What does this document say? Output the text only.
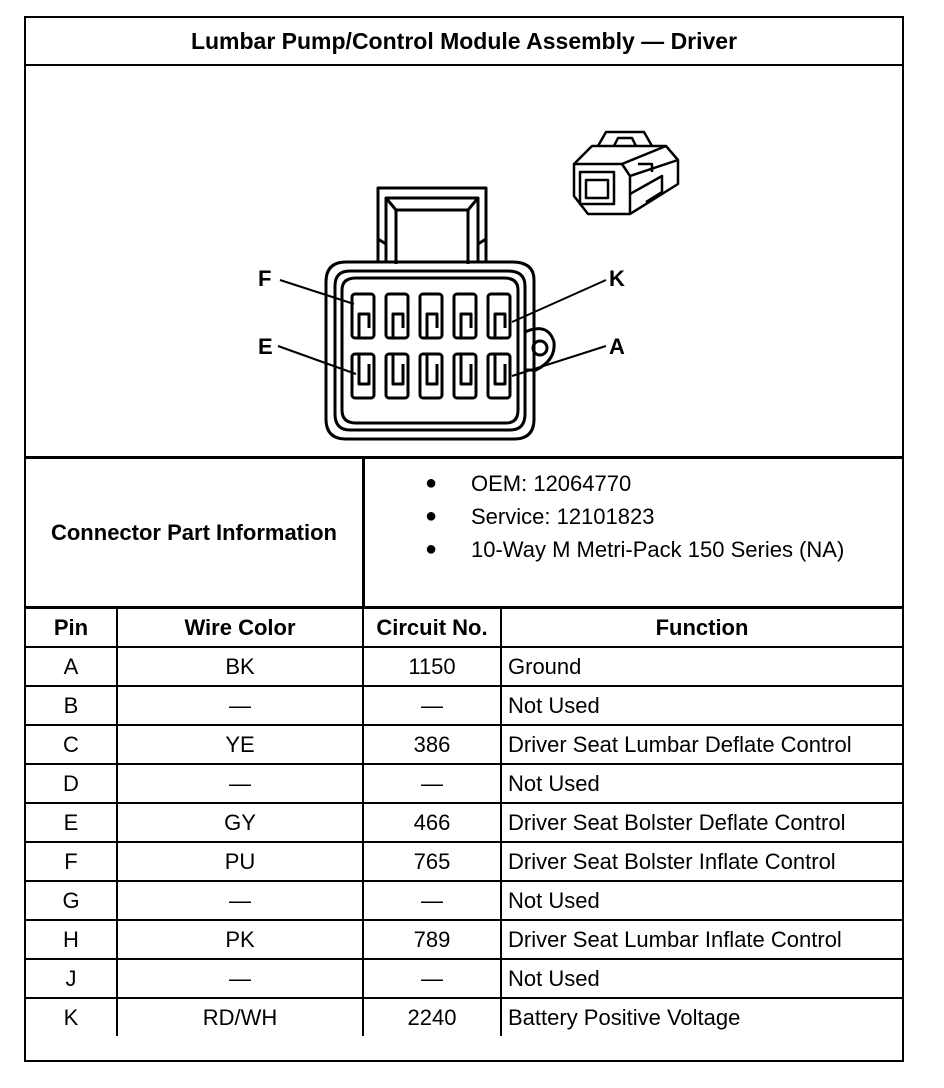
Lumbar Pump/Control Module Assembly — Driver
F
E
K
A
Connector Part Information
● OEM: 12064770
● Service: 12101823
● 10-Way M Metri-Pack 150 Series (NA)
Pin	Wire Color	Circuit No.	Function
A	BK	1150	Ground
B	—	—	Not Used
C	YE	386	Driver Seat Lumbar Deflate Control
D	—	—	Not Used
E	GY	466	Driver Seat Bolster Deflate Control
F	PU	765	Driver Seat Bolster Inflate Control
G	—	—	Not Used
H	PK	789	Driver Seat Lumbar Inflate Control
J	—	—	Not Used
K	RD/WH	2240	Battery Positive Voltage
